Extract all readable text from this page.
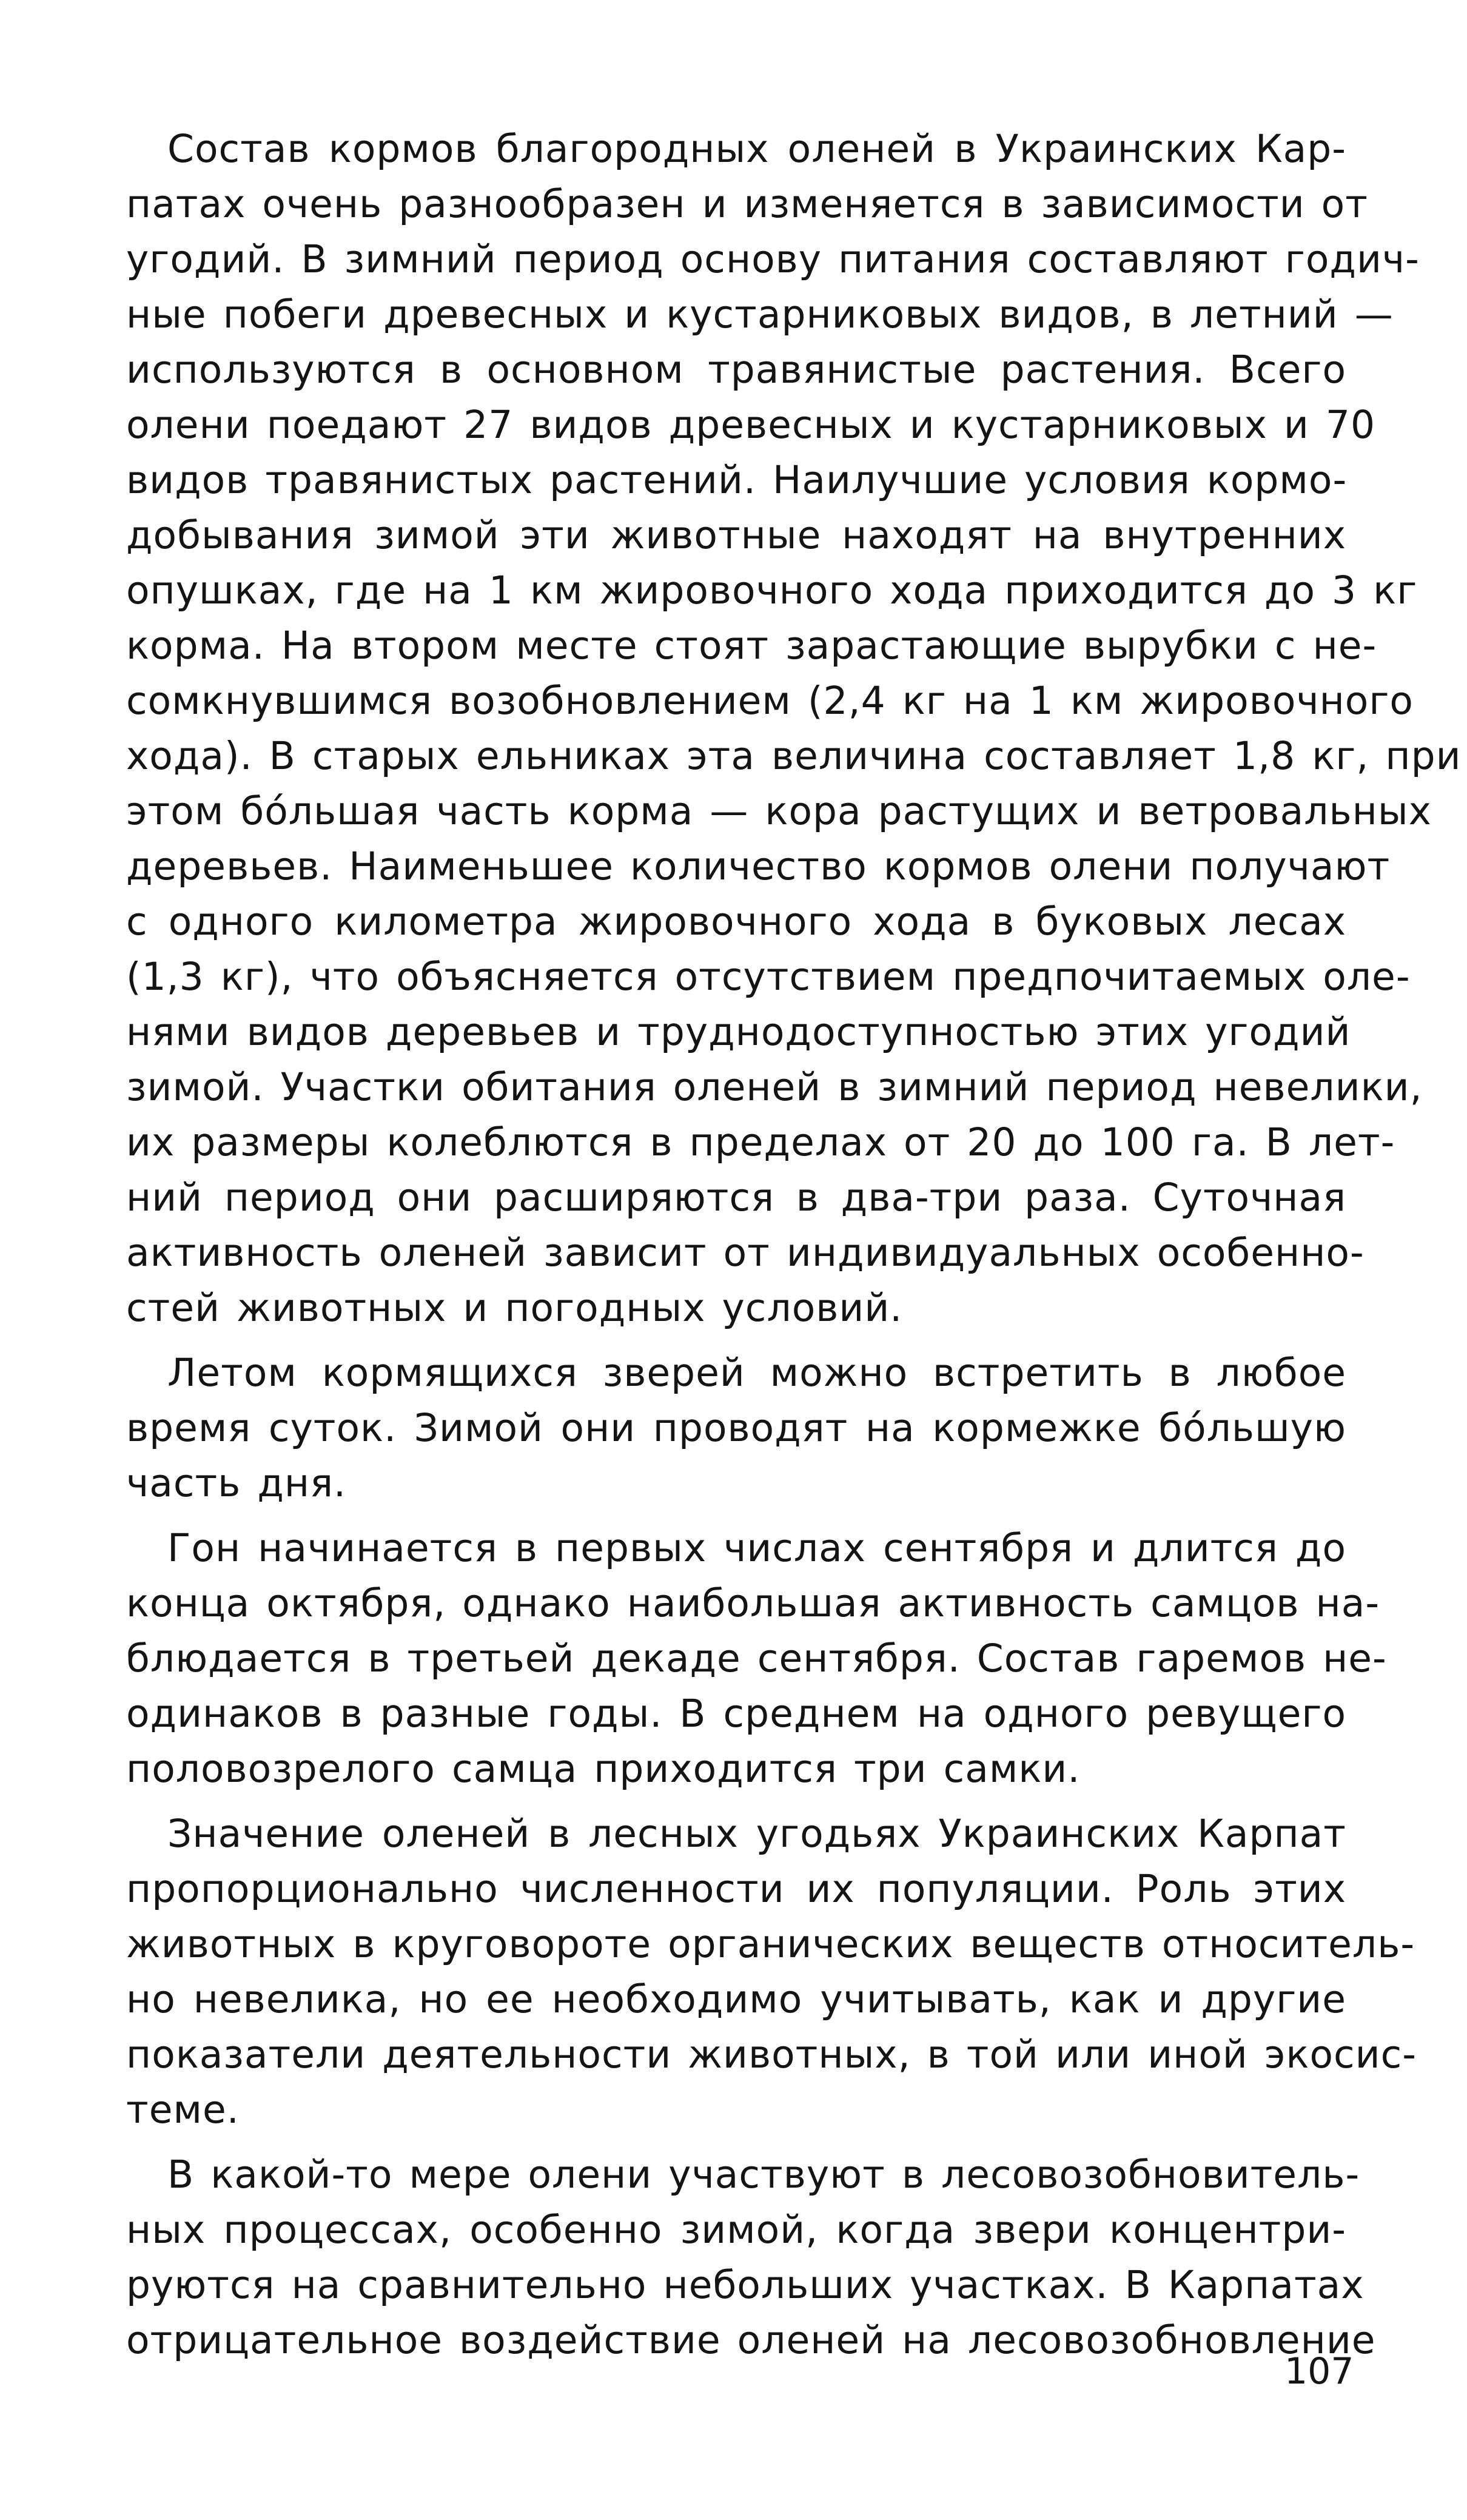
Состав кормов благородных оленей в Украинских Кар-
патах очень разнообразен и изменяется в зависимости от
угодий. В зимний период основу питания составляют годич-
ные побеги древесных и кустарниковых видов, в летний —
используются в основном травянистые растения. Всего
олени поедают 27 видов древесных и кустарниковых и 70
видов травянистых растений. Наилучшие условия кормо-
добывания зимой эти животные находят на внутренних
опушках, где на 1 км жировочного хода приходится до 3 кг
корма. На втором месте стоят зарастающие вырубки с не-
сомкнувшимся возобновлением (2,4 кг на 1 км жировочного
хода). В старых ельниках эта величина составляет 1,8 кг, при
этом бо́льшая часть корма — кора растущих и ветровальных
деревьев. Наименьшее количество кормов олени получают
с одного километра жировочного хода в буковых лесах
(1,3 кг), что объясняется отсутствием предпочитаемых оле-
нями видов деревьев и труднодоступностью этих угодий
зимой. Участки обитания оленей в зимний период невелики,
их размеры колеблются в пределах от 20 до 100 га. В лет-
ний период они расширяются в два-три раза. Суточная
активность оленей зависит от индивидуальных особенно-
стей животных и погодных условий.
Летом кормящихся зверей можно встретить в любое
время суток. Зимой они проводят на кормежке бо́льшую
часть дня.
Гон начинается в первых числах сентября и длится до
конца октября, однако наибольшая активность самцов на-
блюдается в третьей декаде сентября. Состав гаремов не-
одинаков в разные годы. В среднем на одного ревущего
половозрелого самца приходится три самки.
Значение оленей в лесных угодьях Украинских Карпат
пропорционально численности их популяции. Роль этих
животных в круговороте органических веществ относитель-
но невелика, но ее необходимо учитывать, как и другие
показатели деятельности животных, в той или иной экосис-
теме.
В какой-то мере олени участвуют в лесовозобновитель-
ных процессах, особенно зимой, когда звери концентри-
руются на сравнительно небольших участках. В Карпатах
отрицательное воздействие оленей на лесовозобновление
107
